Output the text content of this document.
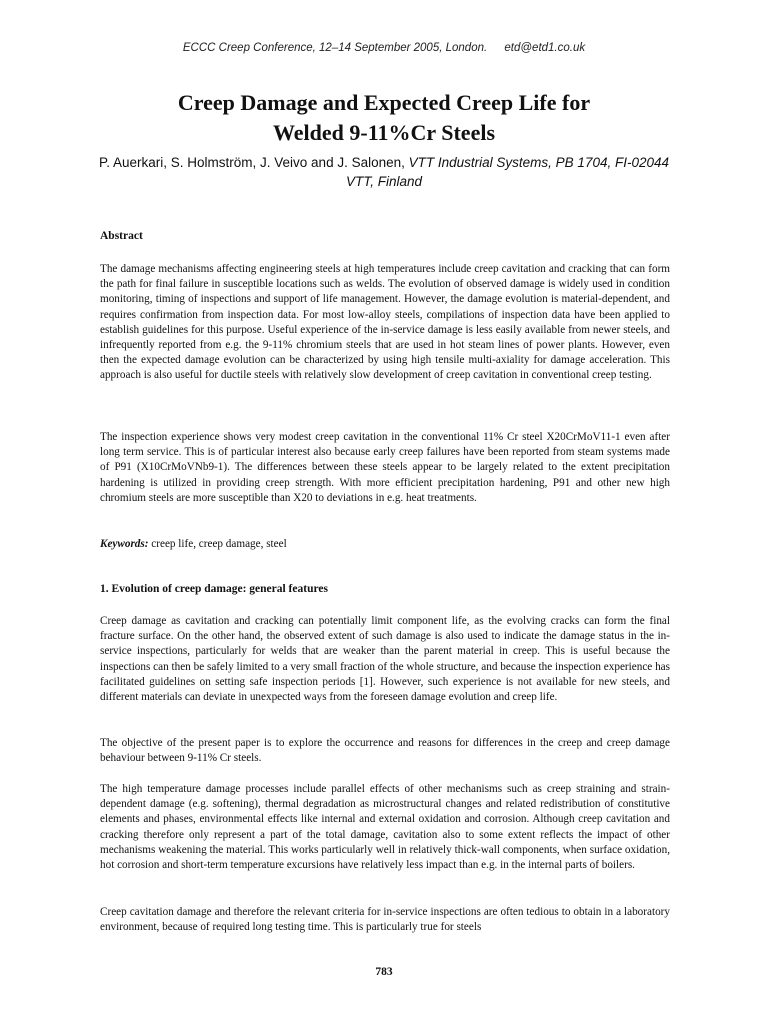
ECCC Creep Conference, 12–14 September 2005, London. etd@etd1.co.uk
Creep Damage and Expected Creep Life for
Welded 9-11%Cr Steels
P. Auerkari, S. Holmström, J. Veivo and J. Salonen, VTT Industrial Systems, PB 1704, FI-02044 VTT, Finland
Abstract

The damage mechanisms affecting engineering steels at high temperatures include creep cavitation and cracking that can form the path for final failure in susceptible locations such as welds. The evolution of observed damage is widely used in condition monitoring, timing of inspections and support of life management. However, the damage evolution is material-dependent, and requires confirmation from inspection data. For most low-alloy steels, compilations of inspection data have been applied to establish guidelines for this purpose. Useful experience of the in-service damage is less easily available from newer steels, and infrequently reported from e.g. the 9-11% chromium steels that are used in hot steam lines of power plants. However, even then the expected damage evolution can be characterized by using high tensile multi-axiality for damage acceleration. This approach is also useful for ductile steels with relatively slow development of creep cavitation in conventional creep testing.

The inspection experience shows very modest creep cavitation in the conventional 11% Cr steel X20CrMoV11-1 even after long term service. This is of particular interest also because early creep failures have been reported from steam systems made of P91 (X10CrMoVNb9-1). The differences between these steels appear to be largely related to the extent precipitation hardening is utilized in providing creep strength. With more efficient precipitation hardening, P91 and other new high chromium steels are more susceptible than X20 to deviations in e.g. heat treatments.

Keywords: creep life, creep damage, steel
1. Evolution of creep damage: general features

Creep damage as cavitation and cracking can potentially limit component life, as the evolving cracks can form the final fracture surface. On the other hand, the observed extent of such damage is also used to indicate the damage status in the in-service inspections, particularly for welds that are weaker than the parent material in creep. This is useful because the inspections can then be safely limited to a very small fraction of the whole structure, and because the inspection experience has facilitated guidelines on setting safe inspection periods [1]. However, such experience is not available for new steels, and different materials can deviate in unexpected ways from the foreseen damage evolution and creep life.

The objective of the present paper is to explore the occurrence and reasons for differences in the creep and creep damage behaviour between 9-11% Cr steels.

The high temperature damage processes include parallel effects of other mechanisms such as creep straining and strain-dependent damage (e.g. softening), thermal degradation as microstructural changes and related redistribution of constitutive elements and phases, environmental effects like internal and external oxidation and corrosion. Although creep cavitation and cracking therefore only represent a part of the total damage, cavitation also to some extent reflects the impact of other mechanisms weakening the material. This works particularly well in relatively thick-wall components, when surface oxidation, hot corrosion and short-term temperature excursions have relatively less impact than e.g. in the internal parts of boilers.

Creep cavitation damage and therefore the relevant criteria for in-service inspections are often tedious to obtain in a laboratory environment, because of required long testing time. This is particularly true for steels

783
